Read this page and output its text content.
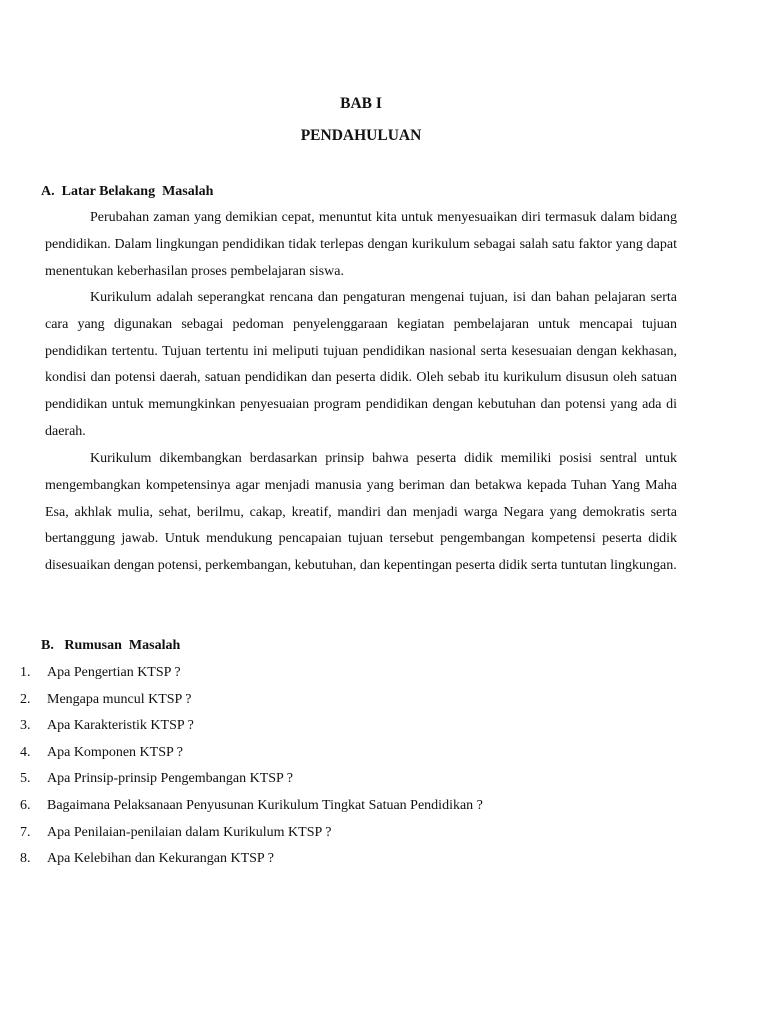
BAB I
PENDAHULUAN
A.  Latar Belakang  Masalah

Perubahan zaman yang demikian cepat, menuntut kita untuk menyesuaikan diri termasuk dalam bidang pendidikan. Dalam lingkungan pendidikan tidak terlepas dengan kurikulum sebagai salah satu faktor yang dapat menentukan keberhasilan proses pembelajaran siswa.

Kurikulum adalah seperangkat rencana dan pengaturan mengenai tujuan, isi dan bahan pelajaran serta cara yang digunakan sebagai pedoman penyelenggaraan kegiatan pembelajaran untuk mencapai tujuan pendidikan tertentu. Tujuan tertentu ini meliputi tujuan pendidikan nasional serta kesesuaian dengan kekhasan, kondisi dan potensi daerah, satuan pendidikan dan peserta didik. Oleh sebab itu kurikulum disusun oleh satuan pendidikan untuk memungkinkan penyesuaian program pendidikan dengan kebutuhan dan potensi yang ada di daerah.

Kurikulum dikembangkan berdasarkan prinsip bahwa peserta didik memiliki posisi sentral untuk mengembangkan kompetensinya agar menjadi manusia yang beriman dan betakwa kepada Tuhan Yang Maha Esa, akhlak mulia, sehat, berilmu, cakap, kreatif, mandiri dan menjadi warga Negara yang demokratis serta bertanggung jawab. Untuk mendukung pencapaian tujuan tersebut pengembangan kompetensi peserta didik disesuaikan dengan potensi, perkembangan, kebutuhan, dan kepentingan peserta didik serta tuntutan lingkungan.

B.   Rumusan  Masalah
1. Apa Pengertian KTSP ?
2. Mengapa muncul KTSP ?
3. Apa Karakteristik KTSP ?
4. Apa Komponen KTSP ?
5. Apa Prinsip-prinsip Pengembangan KTSP ?
6. Bagaimana Pelaksanaan Penyusunan Kurikulum Tingkat Satuan Pendidikan ?
7. Apa Penilaian-penilaian dalam Kurikulum KTSP ?
8. Apa Kelebihan dan Kekurangan KTSP ?
